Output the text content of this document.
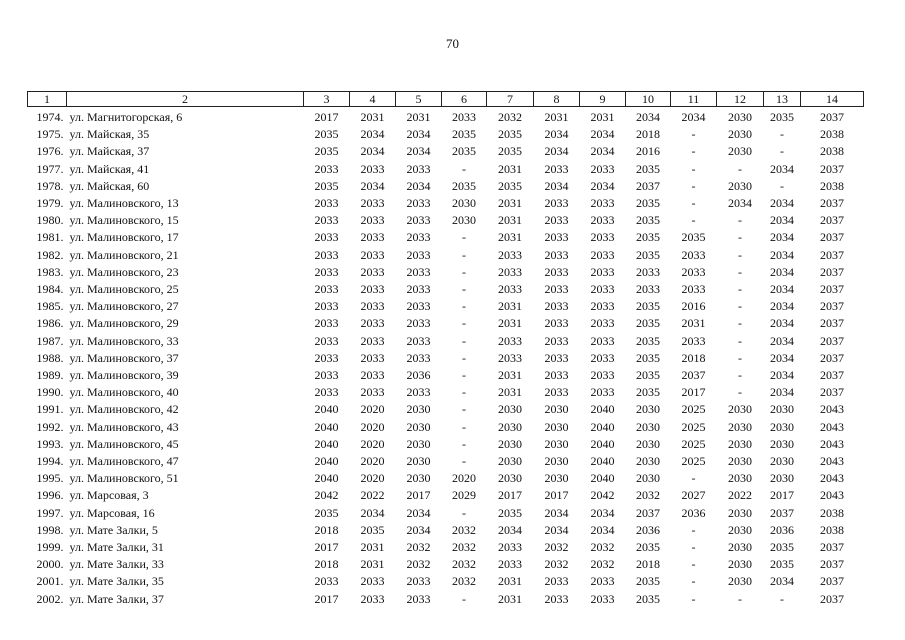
70
1	2	3	4	5	6	7	8	9	10	11	12	13	14
1974.	ул. Магнитогорская, 6	2017	2031	2031	2033	2032	2031	2031	2034	2034	2030	2035	2037
1975.	ул. Майская, 35	2035	2034	2034	2035	2035	2034	2034	2018	-	2030	-	2038
1976.	ул. Майская, 37	2035	2034	2034	2035	2035	2034	2034	2016	-	2030	-	2038
1977.	ул. Майская, 41	2033	2033	2033	-	2031	2033	2033	2035	-	-	2034	2037
1978.	ул. Майская, 60	2035	2034	2034	2035	2035	2034	2034	2037	-	2030	-	2038
1979.	ул. Малиновского, 13	2033	2033	2033	2030	2031	2033	2033	2035	-	2034	2034	2037
1980.	ул. Малиновского, 15	2033	2033	2033	2030	2031	2033	2033	2035	-	-	2034	2037
1981.	ул. Малиновского, 17	2033	2033	2033	-	2031	2033	2033	2035	2035	-	2034	2037
1982.	ул. Малиновского, 21	2033	2033	2033	-	2033	2033	2033	2035	2033	-	2034	2037
1983.	ул. Малиновского, 23	2033	2033	2033	-	2033	2033	2033	2033	2033	-	2034	2037
1984.	ул. Малиновского, 25	2033	2033	2033	-	2033	2033	2033	2033	2033	-	2034	2037
1985.	ул. Малиновского, 27	2033	2033	2033	-	2031	2033	2033	2035	2016	-	2034	2037
1986.	ул. Малиновского, 29	2033	2033	2033	-	2031	2033	2033	2035	2031	-	2034	2037
1987.	ул. Малиновского, 33	2033	2033	2033	-	2033	2033	2033	2035	2033	-	2034	2037
1988.	ул. Малиновского, 37	2033	2033	2033	-	2033	2033	2033	2035	2018	-	2034	2037
1989.	ул. Малиновского, 39	2033	2033	2036	-	2031	2033	2033	2035	2037	-	2034	2037
1990.	ул. Малиновского, 40	2033	2033	2033	-	2031	2033	2033	2035	2017	-	2034	2037
1991.	ул. Малиновского, 42	2040	2020	2030	-	2030	2030	2040	2030	2025	2030	2030	2043
1992.	ул. Малиновского, 43	2040	2020	2030	-	2030	2030	2040	2030	2025	2030	2030	2043
1993.	ул. Малиновского, 45	2040	2020	2030	-	2030	2030	2040	2030	2025	2030	2030	2043
1994.	ул. Малиновского, 47	2040	2020	2030	-	2030	2030	2040	2030	2025	2030	2030	2043
1995.	ул. Малиновского, 51	2040	2020	2030	2020	2030	2030	2040	2030	-	2030	2030	2043
1996.	ул. Марсовая, 3	2042	2022	2017	2029	2017	2017	2042	2032	2027	2022	2017	2043
1997.	ул. Марсовая, 16	2035	2034	2034	-	2035	2034	2034	2037	2036	2030	2037	2038
1998.	ул. Мате Залки, 5	2018	2035	2034	2032	2034	2034	2034	2036	-	2030	2036	2038
1999.	ул. Мате Залки, 31	2017	2031	2032	2032	2033	2032	2032	2035	-	2030	2035	2037
2000.	ул. Мате Залки, 33	2018	2031	2032	2032	2033	2032	2032	2018	-	2030	2035	2037
2001.	ул. Мате Залки, 35	2033	2033	2033	2032	2031	2033	2033	2035	-	2030	2034	2037
2002.	ул. Мате Залки, 37	2017	2033	2033	-	2031	2033	2033	2035	-	-	-	2037
